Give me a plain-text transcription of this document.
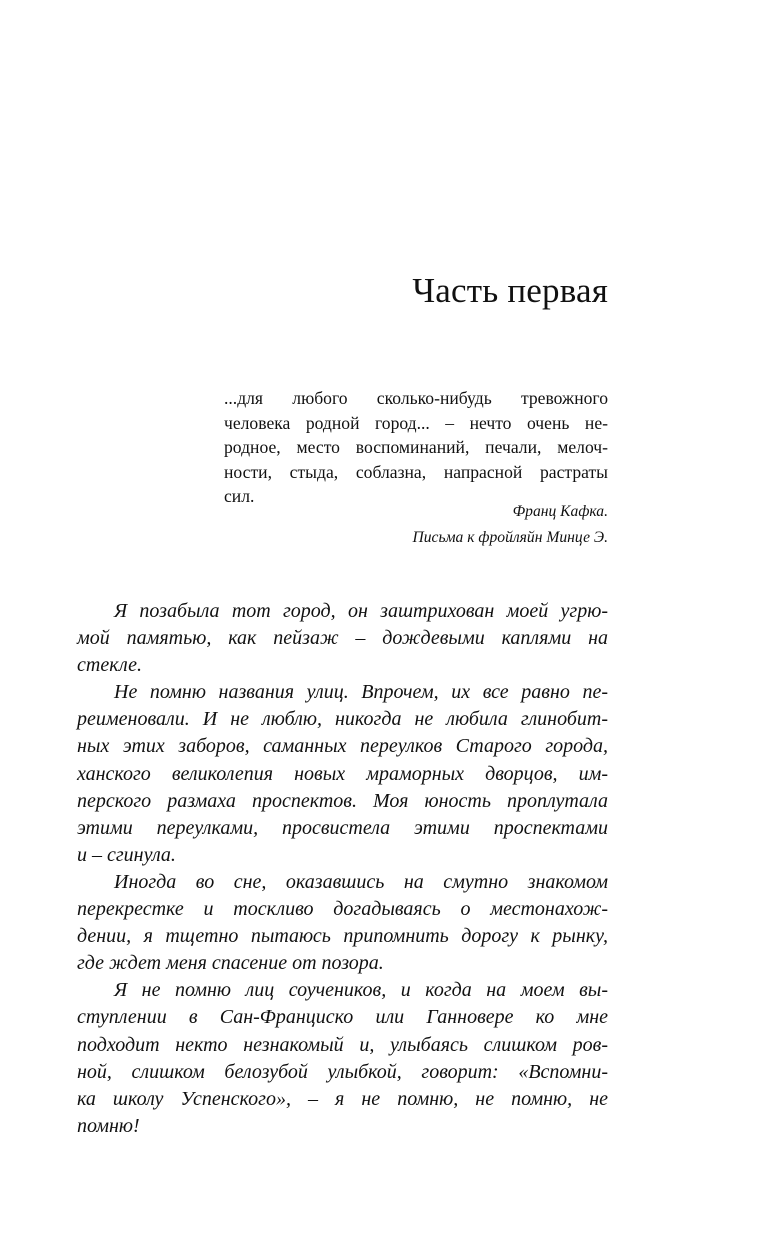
Часть первая
...для любого сколько-нибудь тревожного
человека родной город... – нечто очень не-
родное, место воспоминаний, печали, мелоч-
ности, стыда, соблазна, напрасной растраты
сил.
Франц Кафка.
Письма к фройляйн Минце Э.
Я позабыла тот город, он заштрихован моей угрю-
мой памятью, как пейзаж – дождевыми каплями на
стекле.
Не помню названия улиц. Впрочем, их все равно пе-
реименовали. И не люблю, никогда не любила глинобит-
ных этих заборов, саманных переулков Старого города,
ханского великолепия новых мраморных дворцов, им-
перского размаха проспектов. Моя юность проплутала
этими переулками, просвистела этими проспектами
и – сгинула.
Иногда во сне, оказавшись на смутно знакомом
перекрестке и тоскливо догадываясь о местонахож-
дении, я тщетно пытаюсь припомнить дорогу к рынку,
где ждет меня спасение от позора.
Я не помню лиц соучеников, и когда на моем вы-
ступлении в Сан-Франциско или Ганновере ко мне
подходит некто незнакомый и, улыбаясь слишком ров-
ной, слишком белозубой улыбкой, говорит: «Вспомни-
ка школу Успенского», – я не помню, не помню, не
помню!
